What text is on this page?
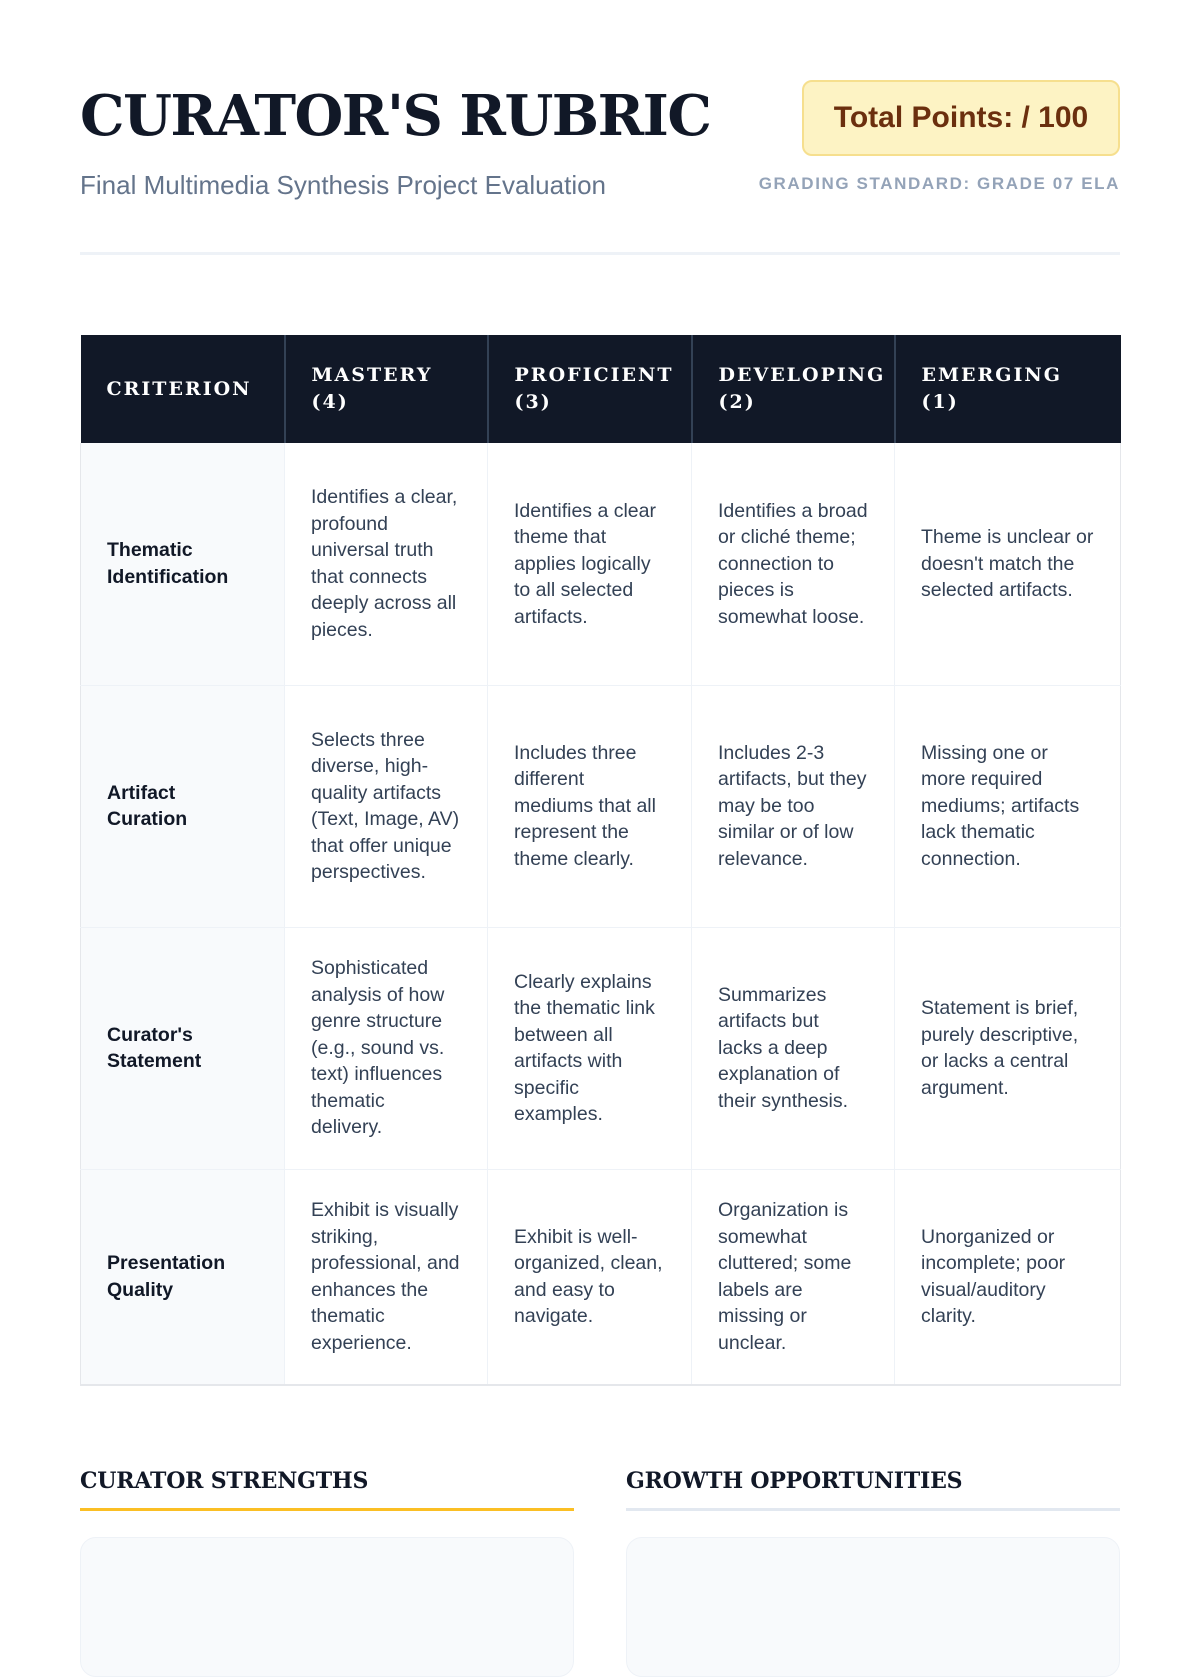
CURATOR'S RUBRIC
Final Multimedia Synthesis Project Evaluation
Total Points: / 100
GRADING STANDARD: GRADE 07 ELA
CRITERION	MASTERY (4)	PROFICIENT (3)	DEVELOPING (2)	EMERGING (1)
Thematic Identification	Identifies a clear, profound universal truth that connects deeply across all pieces.	Identifies a clear theme that applies logically to all selected artifacts.	Identifies a broad or cliché theme; connection to pieces is somewhat loose.	Theme is unclear or doesn't match the selected artifacts.
Artifact Curation	Selects three diverse, high-quality artifacts (Text, Image, AV) that offer unique perspectives.	Includes three different mediums that all represent the theme clearly.	Includes 2-3 artifacts, but they may be too similar or of low relevance.	Missing one or more required mediums; artifacts lack thematic connection.
Curator's Statement	Sophisticated analysis of how genre structure (e.g., sound vs. text) influences thematic delivery.	Clearly explains the thematic link between all artifacts with specific examples.	Summarizes artifacts but lacks a deep explanation of their synthesis.	Statement is brief, purely descriptive, or lacks a central argument.
Presentation Quality	Exhibit is visually striking, professional, and enhances the thematic experience.	Exhibit is well-organized, clean, and easy to navigate.	Organization is somewhat cluttered; some labels are missing or unclear.	Unorganized or incomplete; poor visual/auditory clarity.
CURATOR STRENGTHS	GROWTH OPPORTUNITIES
